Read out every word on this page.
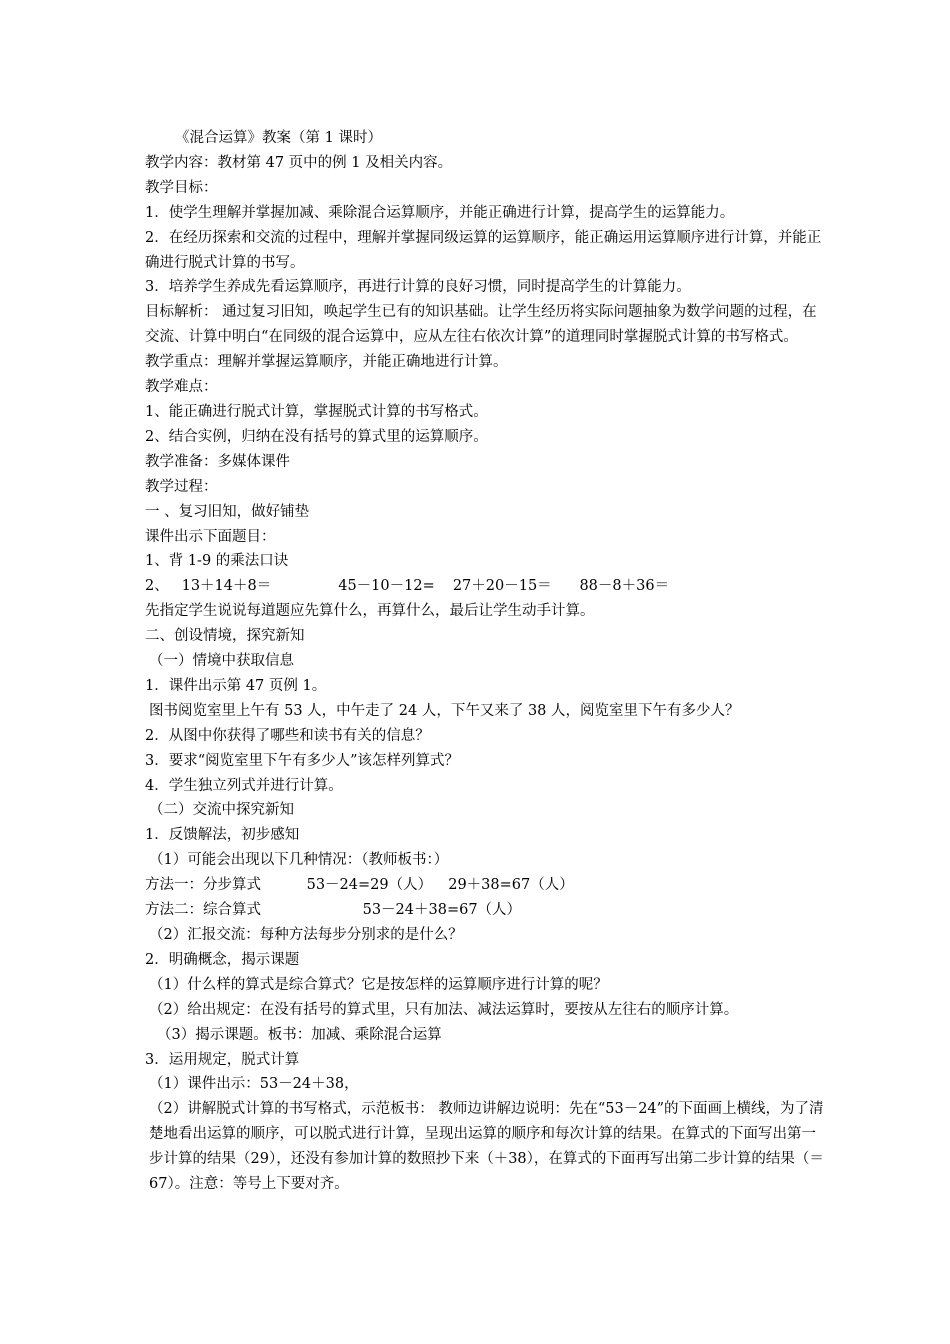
《混合运算》教案（第 1 课时）
教学内容：教材第 47 页中的例 1 及相关内容。
教学目标：
1．使学生理解并掌握加减、乘除混合运算顺序，并能正确进行计算，提高学生的运算能力。
2．在经历探索和交流的过程中，理解并掌握同级运算的运算顺序，能正确运用运算顺序进行计算，并能正确进行脱式计算的书写。
3．培养学生养成先看运算顺序，再进行计算的良好习惯，同时提高学生的计算能力。
目标解析： 通过复习旧知，唤起学生已有的知识基础。让学生经历将实际问题抽象为数学问题的过程，在交流、计算中明白“在同级的混合运算中，应从左往右依次计算”的道理同时掌握脱式计算的书写格式。
教学重点：理解并掌握运算顺序，并能正确地进行计算。
教学难点：
1、能正确进行脱式计算，掌握脱式计算的书写格式。
2、结合实例，归纳在没有括号的算式里的运算顺序。
教学准备：多媒体课件
教学过程：
一 、复习旧知，做好铺垫
课件出示下面题目：
1、背 1-9 的乘法口诀
2、 13＋14＋8＝	45－10－12= 27＋20－15＝ 88－8＋36＝
先指定学生说说每道题应先算什么，再算什么，最后让学生动手计算。
二、创设情境，探究新知
（一）情境中获取信息
1．课件出示第 47 页例 1。
图书阅览室里上午有 53 人，中午走了 24 人，下午又来了 38 人，阅览室里下午有多少人？
2．从图中你获得了哪些和读书有关的信息？
3．要求“阅览室里下午有多少人”该怎样列算式？
4．学生独立列式并进行计算。
（二）交流中探究新知
1．反馈解法，初步感知
（1）可能会出现以下几种情况：（教师板书：）
方法一：分步算式	53－24=29（人） 29＋38=67（人）
方法二：综合算式	53－24＋38=67（人）
（2）汇报交流：每种方法每步分别求的是什么？
2．明确概念，揭示课题
（1）什么样的算式是综合算式？它是按怎样的运算顺序进行计算的呢？
（2）给出规定：在没有括号的算式里，只有加法、减法运算时，要按从左往右的顺序计算。
（3）揭示课题。板书：加减、乘除混合运算
3．运用规定，脱式计算
（1）课件出示：53－24＋38，
（2）讲解脱式计算的书写格式，示范板书： 教师边讲解边说明：先在“53－24”的下面画上横线，为了清楚地看出运算的顺序，可以脱式进行计算，呈现出运算的顺序和每次计算的结果。在算式的下面写出第一步计算的结果（29），还没有参加计算的数照抄下来（＋38），在算式的下面再写出第二步计算的结果（＝67）。注意：等号上下要对齐。
